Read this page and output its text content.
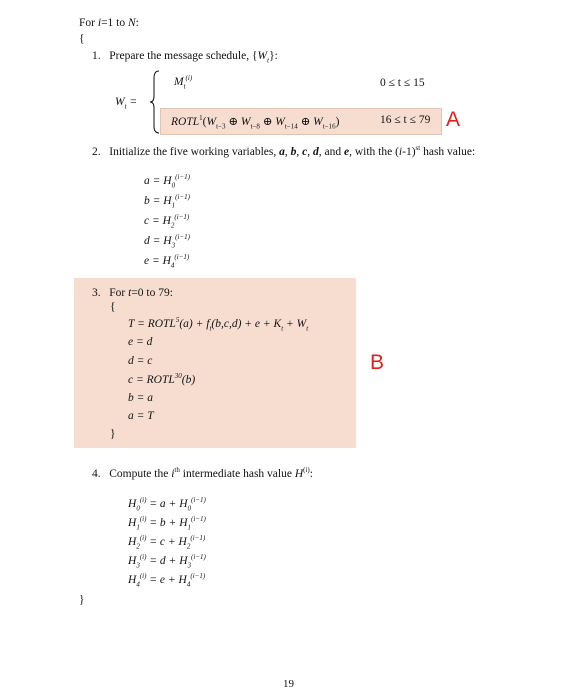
For i=1 to N:
{
1.   Prepare the message schedule, $\{W_t\}$:
$W_t$ =
$M_t^{(i)}$	0 ≤ t ≤ 15
$ROTL^1(W_{t-3}$ ⊕ $W_{t-8}$ ⊕ $W_{t-14}$ ⊕ $W_{t-16}$)	16 ≤ t ≤ 79 A
2.   Initialize the five working variables, a, b, c, d, and e, with the $(i-1)^{st}$ hash value:
$a = H_0^{(i-1)}$
$b = H_1^{(i-1)}$
$c = H_2^{(i-1)}$
$d = H_3^{(i-1)}$
$e = H_4^{(i-1)}$
3.   For t=0 to 79:
{
$T = ROTL^5(a) + f_t(b,c,d) + e + K_t + W_t$
e = d
d = c
$c = ROTL^{30}(b)$
b = a
a = T
}
B
4.   Compute the $i^{th}$ intermediate hash value $H^{(i)}$:
$H_0^{(i)} = a + H_0^{(i-1)}$
$H_1^{(i)} = b + H_1^{(i-1)}$
$H_2^{(i)} = c + H_2^{(i-1)}$
$H_3^{(i)} = d + H_3^{(i-1)}$
$H_4^{(i)} = e + H_4^{(i-1)}$
}
19
